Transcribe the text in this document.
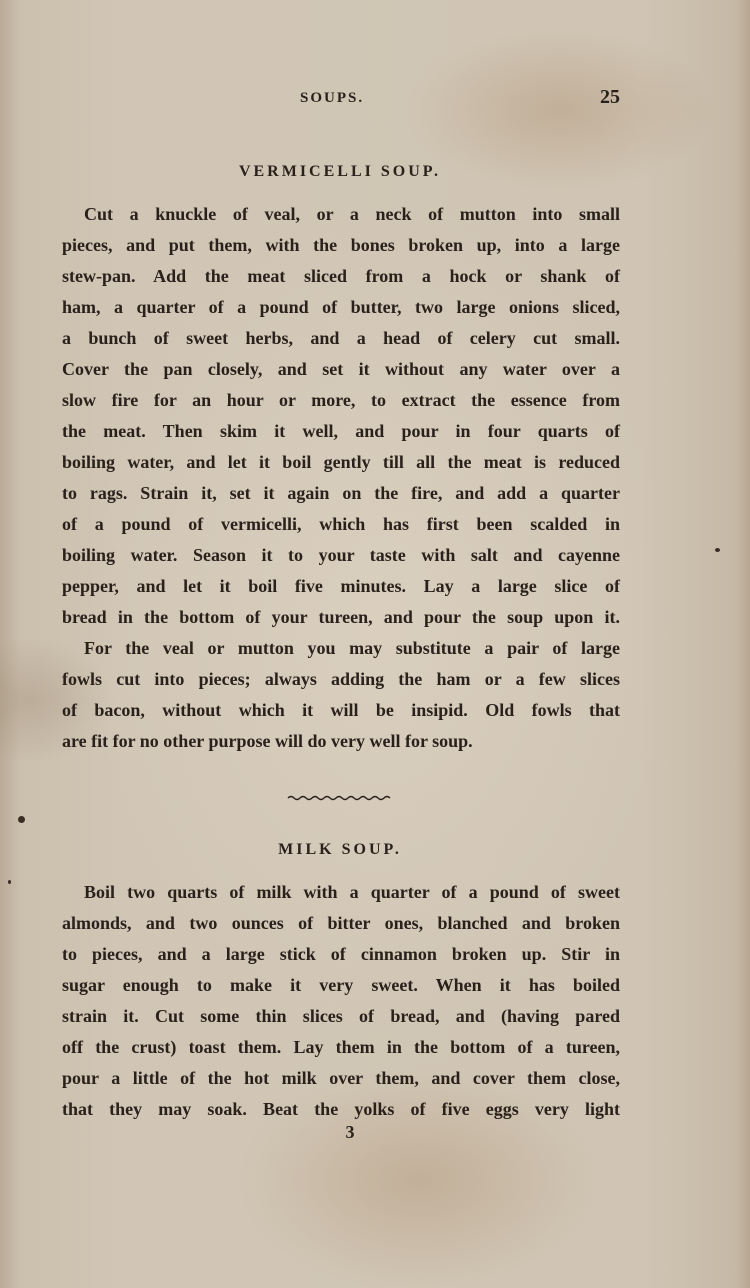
SOUPS.	25
VERMICELLI SOUP.
Cut a knuckle of veal, or a neck of mutton into small
pieces, and put them, with the bones broken up, into a large
stew-pan. Add the meat sliced from a hock or shank of
ham, a quarter of a pound of butter, two large onions sliced,
a bunch of sweet herbs, and a head of celery cut small.
Cover the pan closely, and set it without any water over a
slow fire for an hour or more, to extract the essence from
the meat. Then skim it well, and pour in four quarts of
boiling water, and let it boil gently till all the meat is reduced
to rags. Strain it, set it again on the fire, and add a quarter
of a pound of vermicelli, which has first been scalded in
boiling water. Season it to your taste with salt and cayenne
pepper, and let it boil five minutes. Lay a large slice of
bread in the bottom of your tureen, and pour the soup upon it.
For the veal or mutton you may substitute a pair of large
fowls cut into pieces; always adding the ham or a few slices
of bacon, without which it will be insipid. Old fowls that
are fit for no other purpose will do very well for soup.
MILK SOUP.
Boil two quarts of milk with a quarter of a pound of sweet
almonds, and two ounces of bitter ones, blanched and broken
to pieces, and a large stick of cinnamon broken up. Stir in
sugar enough to make it very sweet. When it has boiled
strain it. Cut some thin slices of bread, and (having pared
off the crust) toast them. Lay them in the bottom of a tureen,
pour a little of the hot milk over them, and cover them close,
that they may soak. Beat the yolks of five eggs very light
3
